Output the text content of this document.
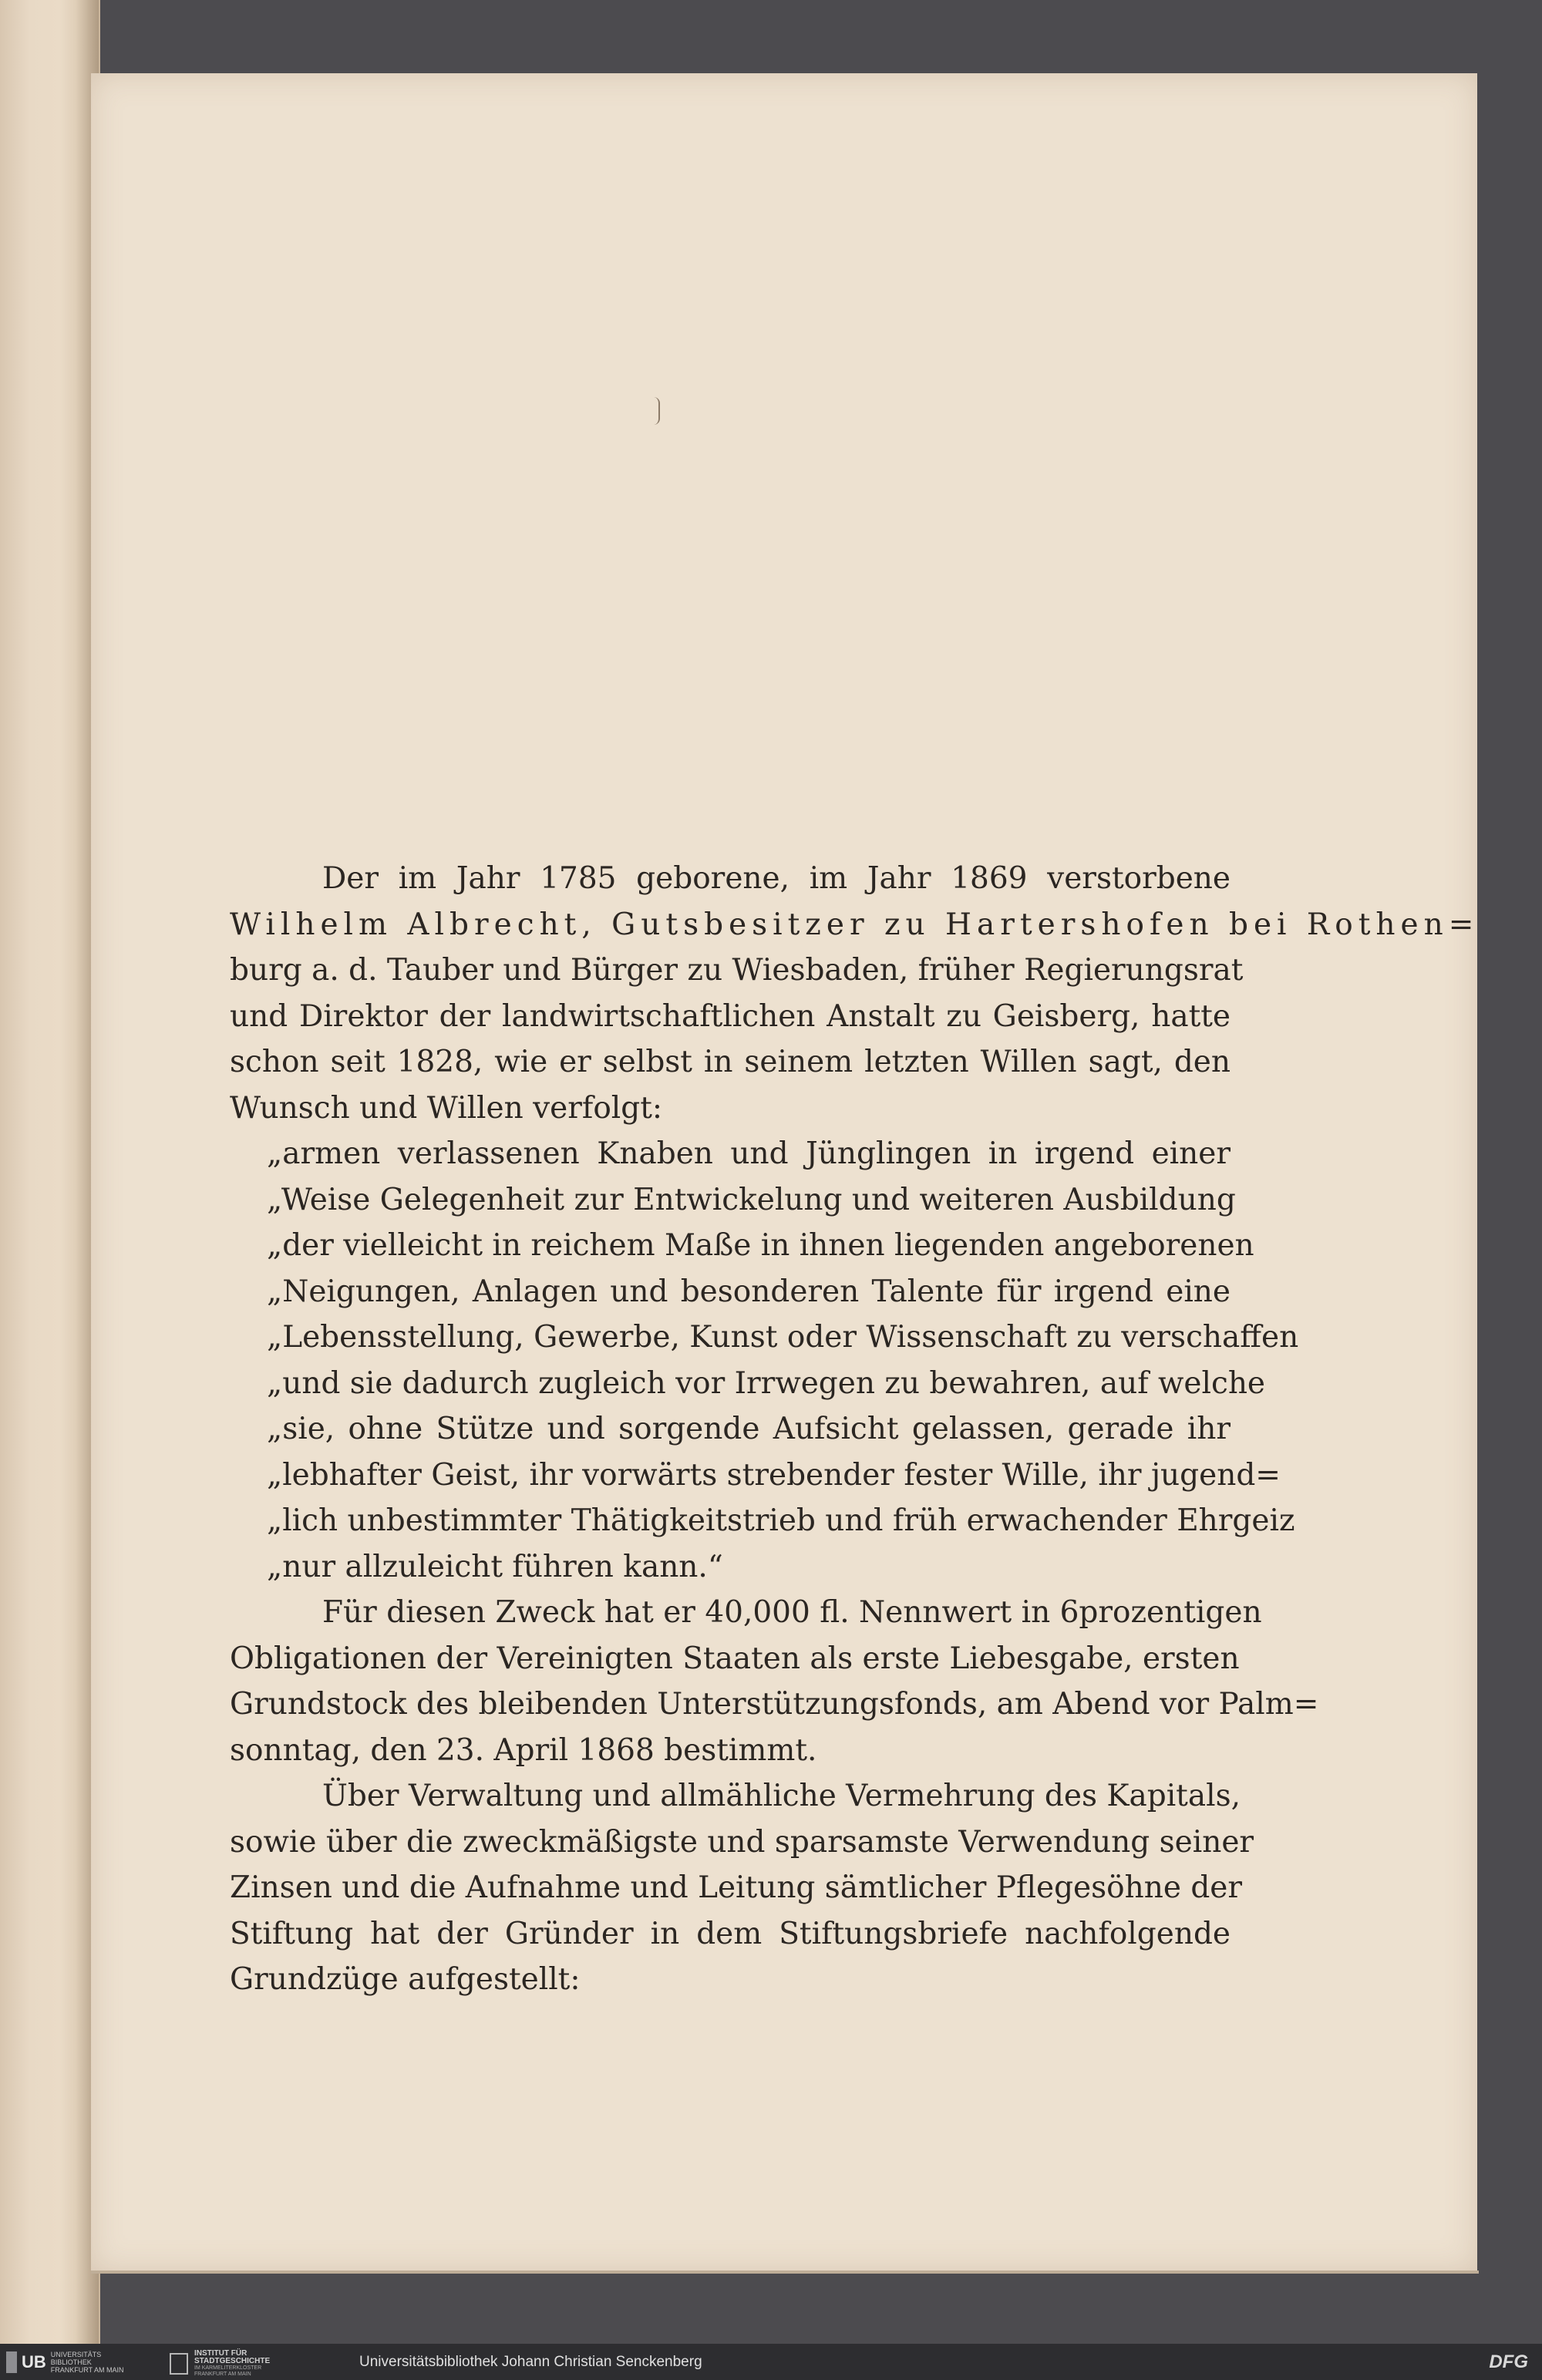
Der im Jahr 1785 geborene, im Jahr 1869 verstorbene
Wilhelm Albrecht, Gutsbesitzer zu Hartershofen bei Rothen=
burg a. d. Tauber und Bürger zu Wiesbaden, früher Regierungsrat
und Direktor der landwirtschaftlichen Anstalt zu Geisberg, hatte
schon seit 1828, wie er selbst in seinem letzten Willen sagt, den
Wunsch und Willen verfolgt:
„armen verlassenen Knaben und Jünglingen in irgend einer
„Weise Gelegenheit zur Entwickelung und weiteren Ausbildung
„der vielleicht in reichem Maße in ihnen liegenden angeborenen
„Neigungen, Anlagen und besonderen Talente für irgend eine
„Lebensstellung, Gewerbe, Kunst oder Wissenschaft zu verschaffen
„und sie dadurch zugleich vor Irrwegen zu bewahren, auf welche
„sie, ohne Stütze und sorgende Aufsicht gelassen, gerade ihr
„lebhafter Geist, ihr vorwärts strebender fester Wille, ihr jugend=
„lich unbestimmter Thätigkeitstrieb und früh erwachender Ehrgeiz
„nur allzuleicht führen kann.“
Für diesen Zweck hat er 40,000 fl. Nennwert in 6prozentigen
Obligationen der Vereinigten Staaten als erste Liebesgabe, ersten
Grundstock des bleibenden Unterstützungsfonds, am Abend vor Palm=
sonntag, den 23. April 1868 bestimmt.
Über Verwaltung und allmähliche Vermehrung des Kapitals,
sowie über die zweckmäßigste und sparsamste Verwendung seiner
Zinsen und die Aufnahme und Leitung sämtlicher Pflegesöhne der
Stiftung hat der Gründer in dem Stiftungsbriefe nachfolgende
Grundzüge aufgestellt:
UB UNIVERSITÄTS
BIBLIOTHEK
FRANKFURT AM MAIN
INSTITUT FÜR
STADTGESCHICHTE
IM KARMELITERKLOSTER
FRANKFURT AM MAIN
Universitätsbibliothek Johann Christian Senckenberg	DFG
